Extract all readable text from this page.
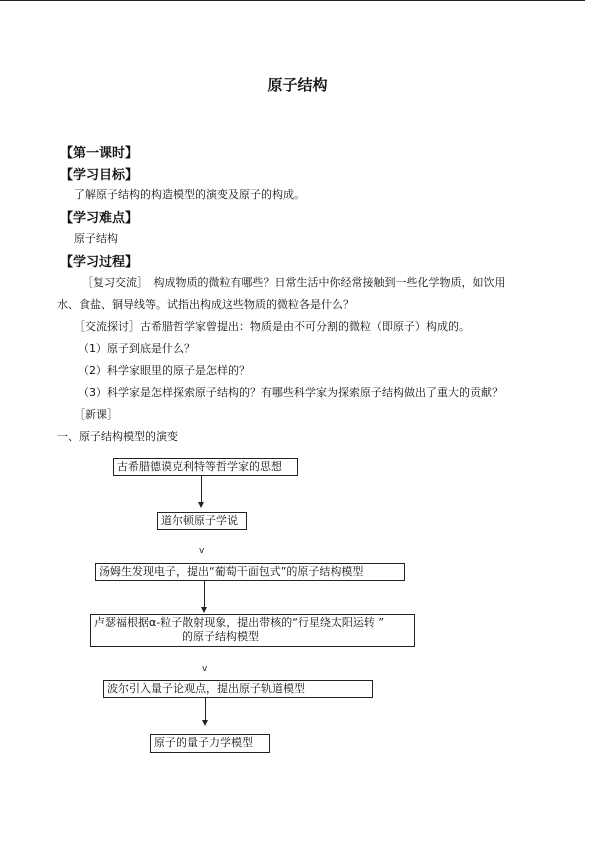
原子结构
【第一课时】
【学习目标】
了解原子结构的构造模型的演变及原子的构成。
【学习难点】
原子结构
【学习过程】
［复习交流］　构成物质的微粒有哪些？日常生活中你经常接触到一些化学物质，如饮用
水、食盐、铜导线等。试指出构成这些物质的微粒各是什么？
［交流探讨］古希腊哲学家曾提出：物质是由不可分割的微粒（即原子）构成的。
（1）原子到底是什么？
（2）科学家眼里的原子是怎样的？
（3）科学家是怎样探索原子结构的？有哪些科学家为探索原子结构做出了重大的贡献？
［新课］
一、原子结构模型的演变
古希腊德谟克利特等哲学家的思想
道尔顿原子学说
v
汤姆生发现电子，提出“葡萄干面包式”的原子结构模型
卢瑟福根据α-粒子散射现象，提出带核的“行星绕太阳运转 ”
的原子结构模型
v
波尔引入量子论观点，提出原子轨道模型
原子的量子力学模型
